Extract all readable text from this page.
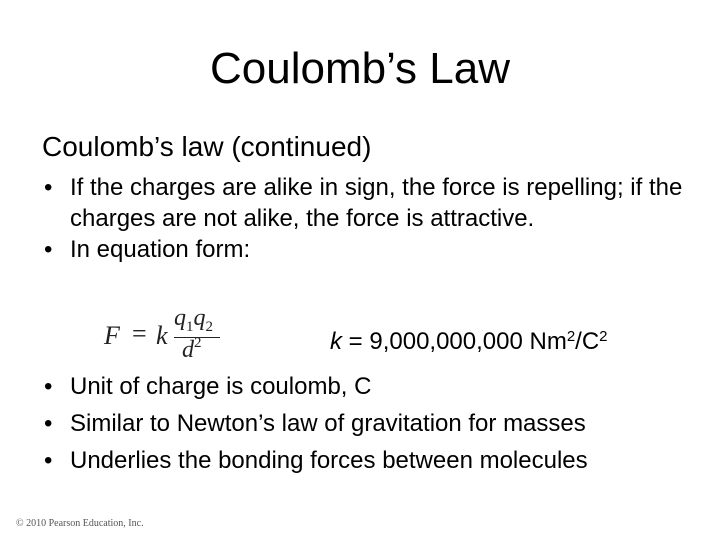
Coulomb’s Law
Coulomb’s law (continued)
• If the charges are alike in sign, the force is repelling; if the charges are not alike, the force is attractive.
• In equation form:
F = k
$q_1q_2$
$d^2$	k = 9,000,000,000 $Nm^2/C^2$
• Unit of charge is coulomb, C
• Similar to Newton’s law of gravitation for masses
• Underlies the bonding forces between molecules
© 2010 Pearson Education, Inc.
